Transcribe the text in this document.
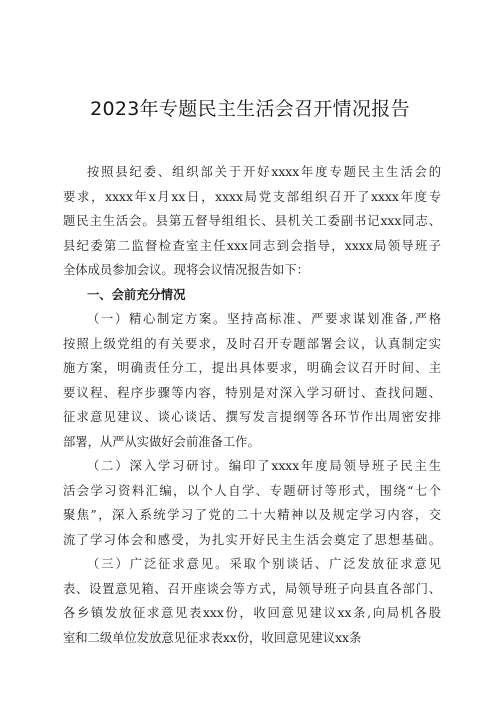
2023年专题民主生活会召开情况报告
按照县纪委、组织部关于开好xxxx年度专题民主生活会的
要求，xxxx年x月xx日，xxxx局党支部组织召开了xxxx年度专
题民主生活会。县第五督导组组长、县机关工委副书记xxx同志、
县纪委第二监督检查室主任xxx同志到会指导，xxxx局领导班子
全体成员参加会议。现将会议情况报告如下：
一、会前充分情况
（一）精心制定方案。坚持高标准、严要求谋划准备,严格
按照上级党组的有关要求，及时召开专题部署会议，认真制定实
施方案，明确责任分工，提出具体要求，明确会议召开时间、主
要议程、程序步骤等内容，特别是对深入学习研讨、查找问题、
征求意见建议、谈心谈话、撰写发言提纲等各环节作出周密安排
部署，从严从实做好会前准备工作。
（二）深入学习研讨。编印了xxxx年度局领导班子民主生
活会学习资料汇编，以个人自学、专题研讨等形式，围绕“七个
聚焦”，深入系统学习了党的二十大精神以及规定学习内容，交
流了学习体会和感受，为扎实开好民主生活会奠定了思想基础。
（三）广泛征求意见。采取个别谈话、广泛发放征求意见
表、设置意见箱、召开座谈会等方式，局领导班子向县直各部门、
各乡镇发放征求意见表xxx份，收回意见建议xx条,向局机各股
室和二级单位发放意见征求表xx份，收回意见建议xx条
